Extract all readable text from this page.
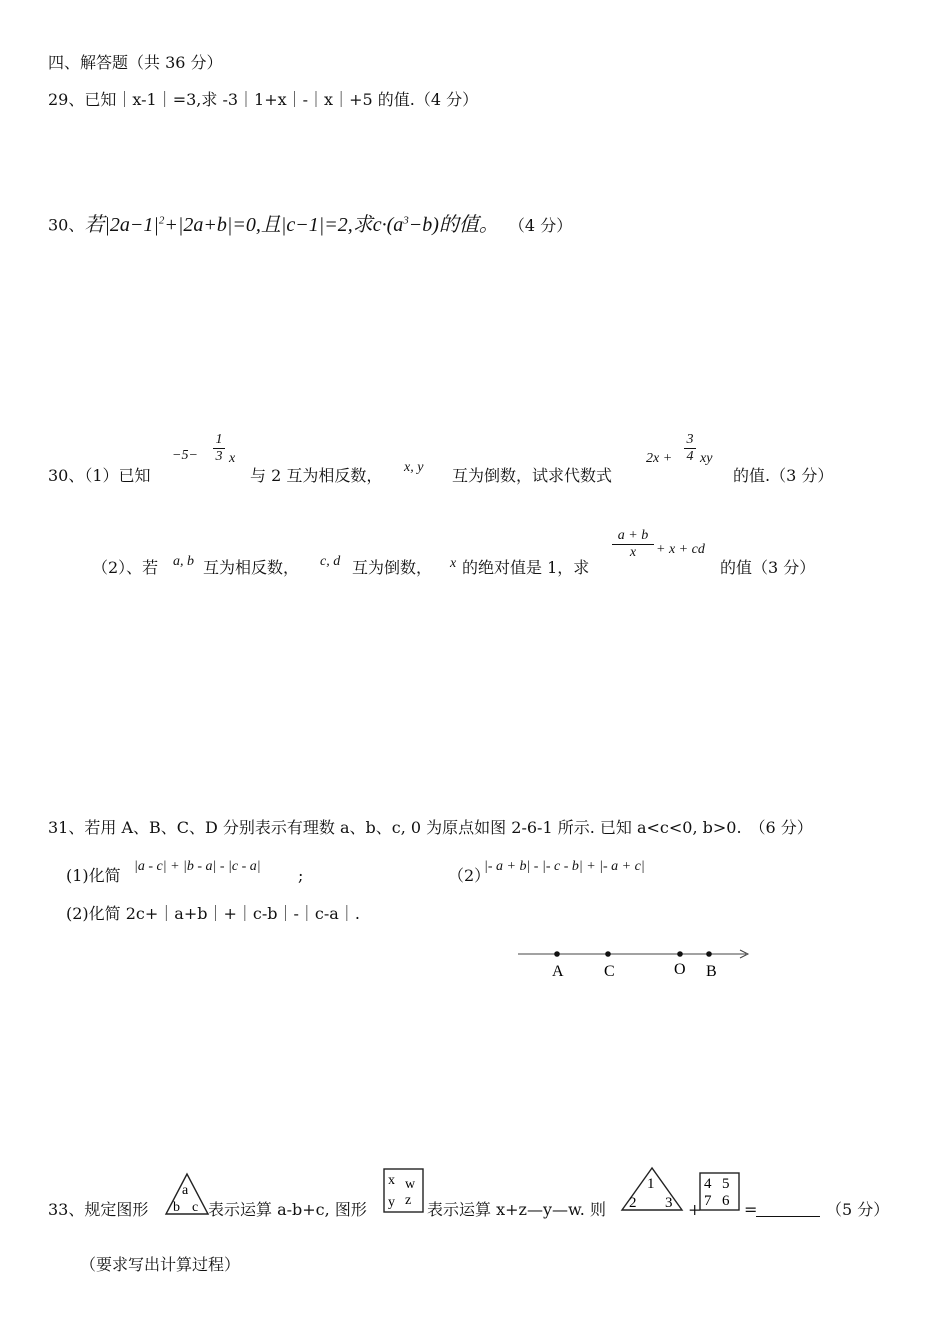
四、解答题（共 36 分）
29、已知｜x-1｜=3,求 -3｜1+x｜-｜x｜+5 的值.（4 分）
30、若$|2a-1|^2+|2a+b|=0$,且|c−1|=2,求$c\cdot(a^3-b)$的值。 （4 分）
30、（1）已知
−5−
1
3 x
与 2 互为相反数， x, y 互为倒数，试求代数式
2x +
3
4 xy
的值.（3 分）
（2）、若 a, b 互为相反数， c, d 互为倒数， x 的绝对值是 1，求
a + b
x + x + cd
的值（3 分）
31、若用 A、B、C、D 分别表示有理数 a、b、c, 0 为原点如图 2-6-1 所示. 已知 a<c<0, b>0.　（6 分）
(1)化简 |a - c| + |b - a| - |c - a| ;	（2）
|- a + b| - |- c - b| + |- a + c|
(2)化简 2c+｜a+b｜+｜c-b｜-｜c-a｜.
A	C	O B
33、规定图形
a
b c 表示运算 a-b+c, 图形
x w
y z 表示运算 x+z—y—w. 则
1
2 3 +
4 5
7 6 =	（5 分）
（要求写出计算过程）
